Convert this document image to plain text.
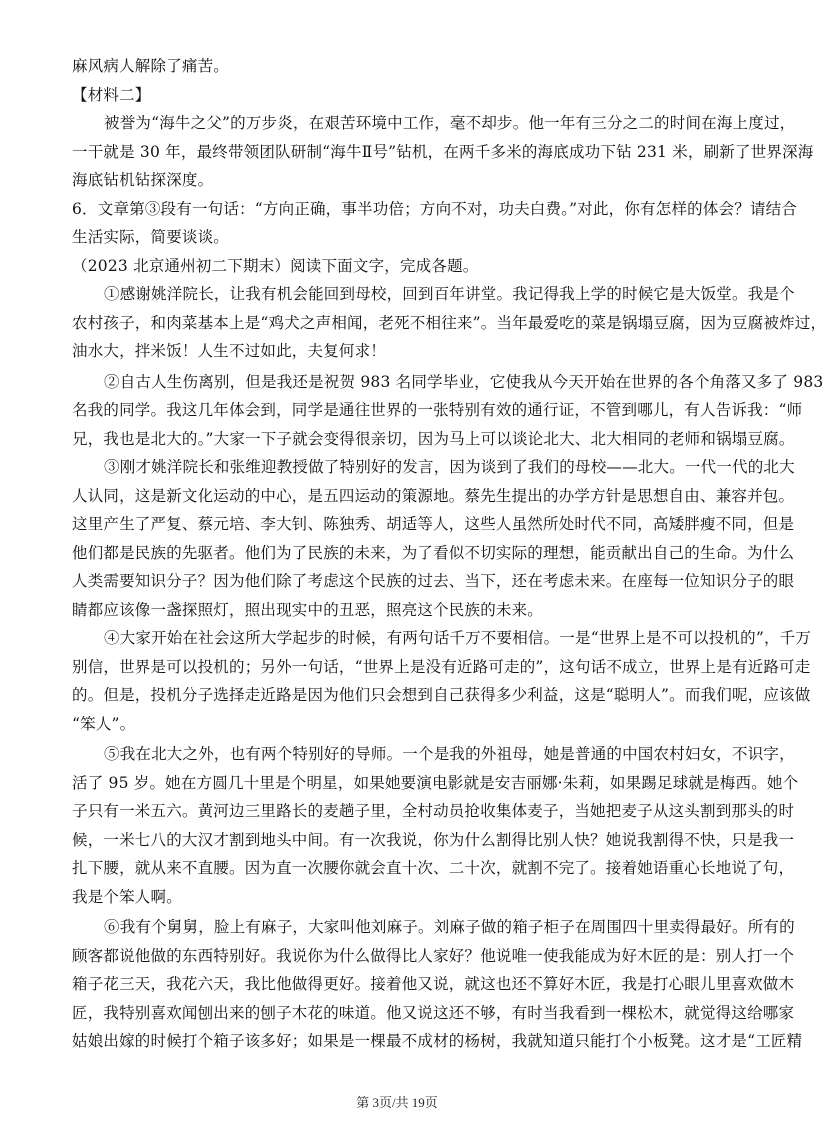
麻风病人解除了痛苦。
【材料二】
被誉为“海牛之父”的万步炎，在艰苦环境中工作，毫不却步。他一年有三分之二的时间在海上度过，
一干就是 30 年，最终带领团队研制“海牛Ⅱ号”钻机，在两千多米的海底成功下钻 231 米，刷新了世界深海
海底钻机钻探深度。
6．文章第③段有一句话：“方向正确，事半功倍；方向不对，功夫白费。”对此，你有怎样的体会？请结合
生活实际，简要谈谈。
（2023 北京通州初二下期末）阅读下面文字，完成各题。
①感谢姚洋院长，让我有机会能回到母校，回到百年讲堂。我记得我上学的时候它是大饭堂。我是个
农村孩子，和肉菜基本上是“鸡犬之声相闻，老死不相往来”。当年最爱吃的菜是锅塌豆腐，因为豆腐被炸过，
油水大，拌米饭！人生不过如此，夫复何求！
②自古人生伤离别，但是我还是祝贺 983 名同学毕业，它使我从今天开始在世界的各个角落又多了 983
名我的同学。我这几年体会到，同学是通往世界的一张特别有效的通行证，不管到哪儿，有人告诉我：“师
兄，我也是北大的。”大家一下子就会变得很亲切，因为马上可以谈论北大、北大相同的老师和锅塌豆腐。
③刚才姚洋院长和张维迎教授做了特别好的发言，因为谈到了我们的母校——北大。一代一代的北大
人认同，这是新文化运动的中心，是五四运动的策源地。蔡先生提出的办学方针是思想自由、兼容并包。
这里产生了严复、蔡元培、李大钊、陈独秀、胡适等人，这些人虽然所处时代不同，高矮胖瘦不同，但是
他们都是民族的先驱者。他们为了民族的未来，为了看似不切实际的理想，能贡献出自己的生命。为什么
人类需要知识分子？因为他们除了考虑这个民族的过去、当下，还在考虑未来。在座每一位知识分子的眼
睛都应该像一盏探照灯，照出现实中的丑恶，照亮这个民族的未来。
④大家开始在社会这所大学起步的时候，有两句话千万不要相信。一是“世界上是不可以投机的”，千万
别信，世界是可以投机的；另外一句话，“世界上是没有近路可走的”，这句话不成立，世界上是有近路可走
的。但是，投机分子选择走近路是因为他们只会想到自己获得多少利益，这是“聪明人”。而我们呢，应该做
“笨人”。
⑤我在北大之外，也有两个特别好的导师。一个是我的外祖母，她是普通的中国农村妇女，不识字，
活了 95 岁。她在方圆几十里是个明星，如果她要演电影就是安吉丽娜·朱莉，如果踢足球就是梅西。她个
子只有一米五六。黄河边三里路长的麦趟子里，全村动员抢收集体麦子，当她把麦子从这头割到那头的时
候，一米七八的大汉才割到地头中间。有一次我说，你为什么割得比别人快？她说我割得不快，只是我一
扎下腰，就从来不直腰。因为直一次腰你就会直十次、二十次，就割不完了。接着她语重心长地说了句，
我是个笨人啊。
⑥我有个舅舅，脸上有麻子，大家叫他刘麻子。刘麻子做的箱子柜子在周围四十里卖得最好。所有的
顾客都说他做的东西特别好。我说你为什么做得比人家好？他说唯一使我能成为好木匠的是：别人打一个
箱子花三天，我花六天，我比他做得更好。接着他又说，就这也还不算好木匠，我是打心眼儿里喜欢做木
匠，我特别喜欢闻刨出来的刨子木花的味道。他又说这还不够，有时当我看到一棵松木，就觉得这给哪家
姑娘出嫁的时候打个箱子该多好；如果是一棵最不成材的杨树，我就知道只能打个小板凳。这才是“工匠精
第 3页/共 19页
